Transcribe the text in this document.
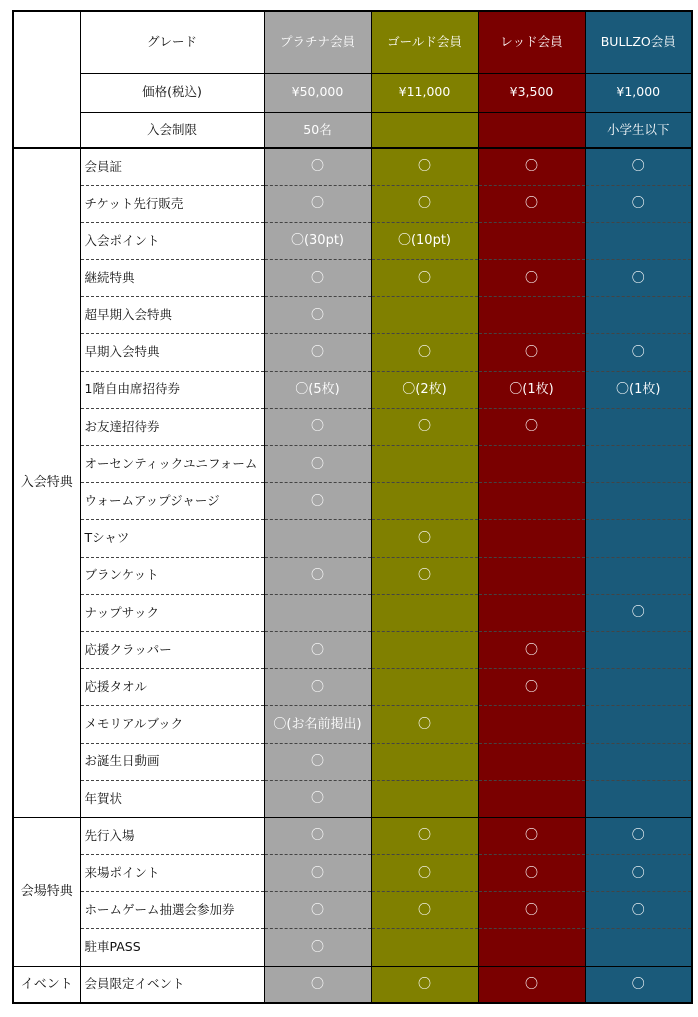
	グレード	プラチナ会員	ゴールド会員	レッド会員	BULLZO会員
	価格(税込)	¥50,000	¥11,000	¥3,500	¥1,000
	入会制限	50名			小学生以下
入会特典	会員証	〇	〇	〇	〇
	チケット先行販売	〇	〇	〇	〇
	入会ポイント	〇(30pt)	〇(10pt)		
	継続特典	〇	〇	〇	〇
	超早期入会特典	〇			
	早期入会特典	〇	〇	〇	〇
	1階自由席招待券	〇(5枚)	〇(2枚)	〇(1枚)	〇(1枚)
	お友達招待券	〇	〇	〇	
	オーセンティックユニフォーム	〇			
	ウォームアップジャージ	〇			
	Tシャツ		〇		
	ブランケット	〇	〇		
	ナップサック				〇
	応援クラッパー	〇		〇	
	応援タオル	〇		〇	
	メモリアルブック	〇(お名前掲出)	〇		
	お誕生日動画	〇			
	年賀状	〇			
会場特典	先行入場	〇	〇	〇	〇
	来場ポイント	〇	〇	〇	〇
	ホームゲーム抽選会参加券	〇	〇	〇	〇
	駐車PASS	〇			
イベント	会員限定イベント	〇	〇	〇	〇
